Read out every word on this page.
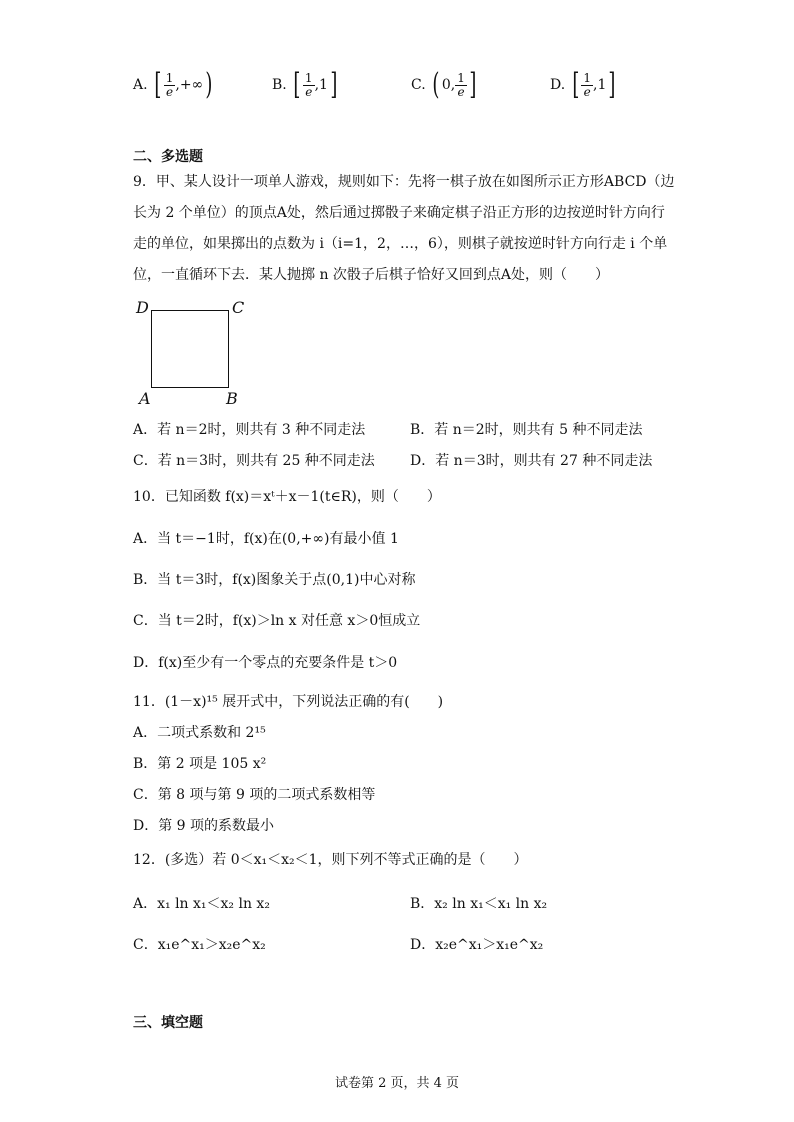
A. [ $\frac{1}{e}$ ,+∞)	B. [ $\frac{1}{e} ,1$]	C. ( 0, $\frac{1}{e}$ ]	D. [ $\frac{1}{e} ,1$]
二、多选题
9．甲、某人设计一项单人游戏，规则如下：先将一棋子放在如图所示正方形ABCD（边
长为 2 个单位）的顶点A处，然后通过掷骰子来确定棋子沿正方形的边按逆时针方向行
走的单位，如果掷出的点数为 i（i=1，2，…，6），则棋子就按逆时针方向行走 i 个单
位，一直循环下去．某人抛掷 n 次骰子后棋子恰好又回到点A处，则（　　）
D	C
A	B
A．若 n＝2时，则共有 3 种不同走法	B．若 n＝2时，则共有 5 种不同走法
C．若 n＝3时，则共有 25 种不同走法	D．若 n＝3时，则共有 27 种不同走法
10．已知函数 f(x)＝xᵗ＋x－1(t∈R)，则（　　）
A．当 t＝−1时，f(x)在(0,+∞)有最小值 1
B．当 t＝3时，f(x)图象关于点(0,1)中心对称
C．当 t＝2时，f(x)＞ln x 对任意 x＞0恒成立
D．f(x)至少有一个零点的充要条件是 t＞0
11．(1－x)¹⁵ 展开式中，下列说法正确的有(　　)
A．二项式系数和 2¹⁵
B．第 2 项是 105 x²
C．第 8 项与第 9 项的二项式系数相等
D．第 9 项的系数最小
12．(多选）若 0＜x₁＜x₂＜1，则下列不等式正确的是（　　）
A．x₁ ln x₁＜x₂ ln x₂	B．x₂ ln x₁＜x₁ ln x₂
C．x₁e^x₁＞x₂e^x₂	D．x₂e^x₁＞x₁e^x₂
三、填空题
试卷第 2 页，共 4 页
